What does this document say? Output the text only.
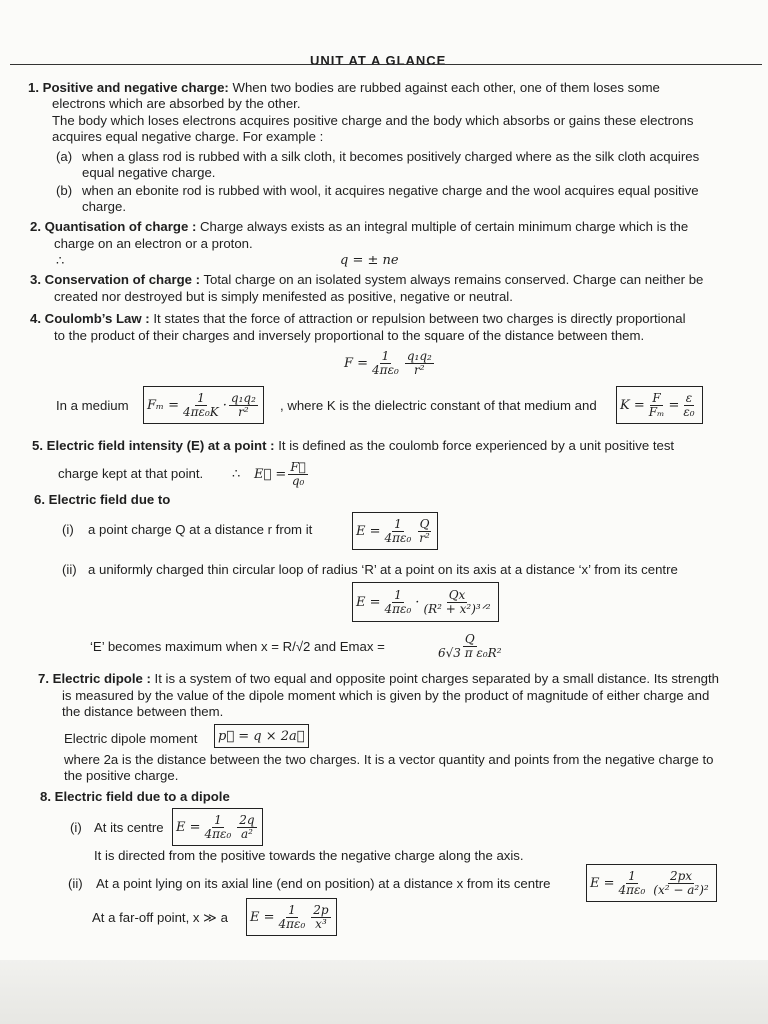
UNIT AT A GLANCE
1. Positive and negative charge: When two bodies are rubbed against each other, one of them loses some
electrons which are absorbed by the other.
The body which loses electrons acquires positive charge and the body which absorbs or gains these electrons
acquires equal negative charge. For example :
(a) when a glass rod is rubbed with a silk cloth, it becomes positively charged where as the silk cloth acquires
equal negative charge.
(b) when an ebonite rod is rubbed with wool, it acquires negative charge and the wool acquires equal positive
charge.
2. Quantisation of charge : Charge always exists as an integral multiple of certain minimum charge which is the
charge on an electron or a proton.
∴	q = ± ne
3. Conservation of charge : Total charge on an isolated system always remains conserved. Charge can neither be
created nor destroyed but is simply menifested as positive, negative or neutral.
4. Coulomb’s Law : It states that the force of attraction or repulsion between two charges is directly proportional
to the product of their charges and inversely proportional to the square of the distance between them.
$F = \frac{1}{\text{4πε₀}} \frac{\text{q₁q₂}}{\text{r²}}$
In a medium $F_m = \frac{1}{\text{4πε₀K}} \cdot \frac{\text{q₁q₂}}{\text{r²}}$ , where K is the dielectric constant of that medium and $K = \frac{F}{\text{Fₘ}} = \frac{\varepsilon}{\text{ε₀}}$
5. Electric field intensity (E) at a point : It is defined as the coulomb force experienced by a unit positive test
charge kept at that point. ∴ E⃗ = $\frac{F⃗}{\text{q₀}}$
6. Electric field due to
(i) a point charge Q at a distance r from it	$E = \frac{1}{\text{4πε₀}} \frac{Q}{\text{r²}}$
(ii) a uniformly charged thin circular loop of radius ‘R’ at a point on its axis at a distance ‘x’ from its centre
$E = \frac{1}{\text{4πε₀}} \cdot \frac{Qx}{\text{(R² + x²)³ᐟ²}}$
‘E’ becomes maximum when x = R/√2 and Emax =	$\frac{Q}{\text{6√3 π ε₀R²}}$
7. Electric dipole : It is a system of two equal and opposite point charges separated by a small distance. Its strength
is measured by the value of the dipole moment which is given by the product of magnitude of either charge and
the distance between them.
Electric dipole moment	p⃗ = q × 2a⃗
where 2a is the distance between the two charges. It is a vector quantity and points from the negative charge to
the positive charge.
8. Electric field due to a dipole
(i) At its centre $E = \frac{1}{\text{4πε₀}} \frac{2q}{\text{a²}}$
It is directed from the positive towards the negative charge along the axis.
(ii) At a point lying on its axial line (end on position) at a distance x from its centre	$E = \frac{1}{\text{4πε₀}} \frac{2px}{\text{(x² − a²)²}}$
At a far-off point, x ≫ a $E = \frac{1}{\text{4πε₀}} \frac{2p}{\text{x³}}$
